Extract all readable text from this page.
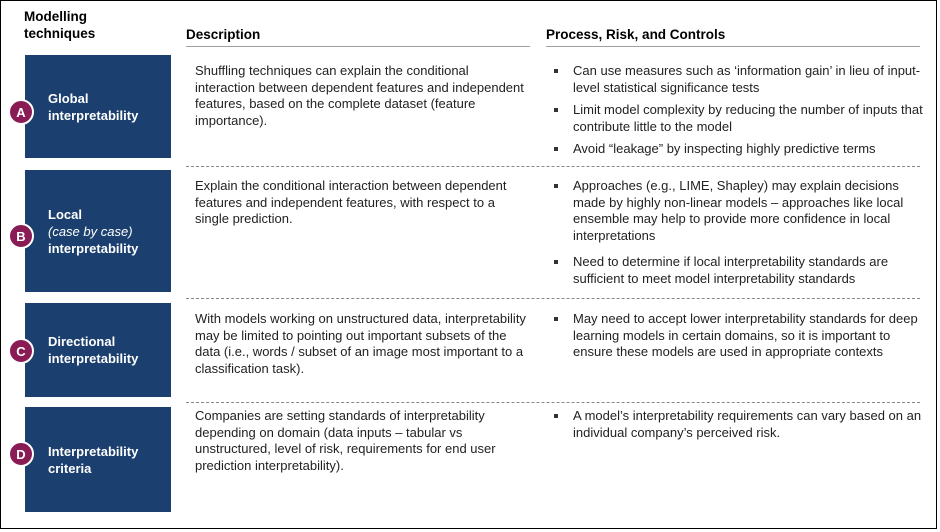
Modelling techniques	Description	Process, Risk, and Controls
Global
interpretability
A
Shuffling techniques can explain the conditional interaction between dependent features and independent features, based on the complete dataset (feature importance).
Can use measures such as ‘information gain’ in lieu of input-level statistical significance tests
Limit model complexity by reducing the number of inputs that contribute little to the model
Avoid “leakage” by inspecting highly predictive terms
Local
(case by case)
interpretability
B
Explain the conditional interaction between dependent features and independent features, with respect to a single prediction.
Approaches (e.g., LIME, Shapley) may explain decisions made by highly non-linear models – approaches like local ensemble may help to provide more confidence in local interpretations
Need to determine if local interpretability standards are sufficient to meet model interpretability standards
Directional
interpretability
C
With models working on unstructured data, interpretability may be limited to pointing out important subsets of the data (i.e., words / subset of an image most important to a classification task).
May need to accept lower interpretability standards for deep learning models in certain domains, so it is important to ensure these models are used in appropriate contexts
Interpretability
criteria
D
Companies are setting standards of interpretability depending on domain (data inputs – tabular vs unstructured, level of risk, requirements for end user prediction interpretability).
A model’s interpretability requirements can vary based on an individual company’s perceived risk.
